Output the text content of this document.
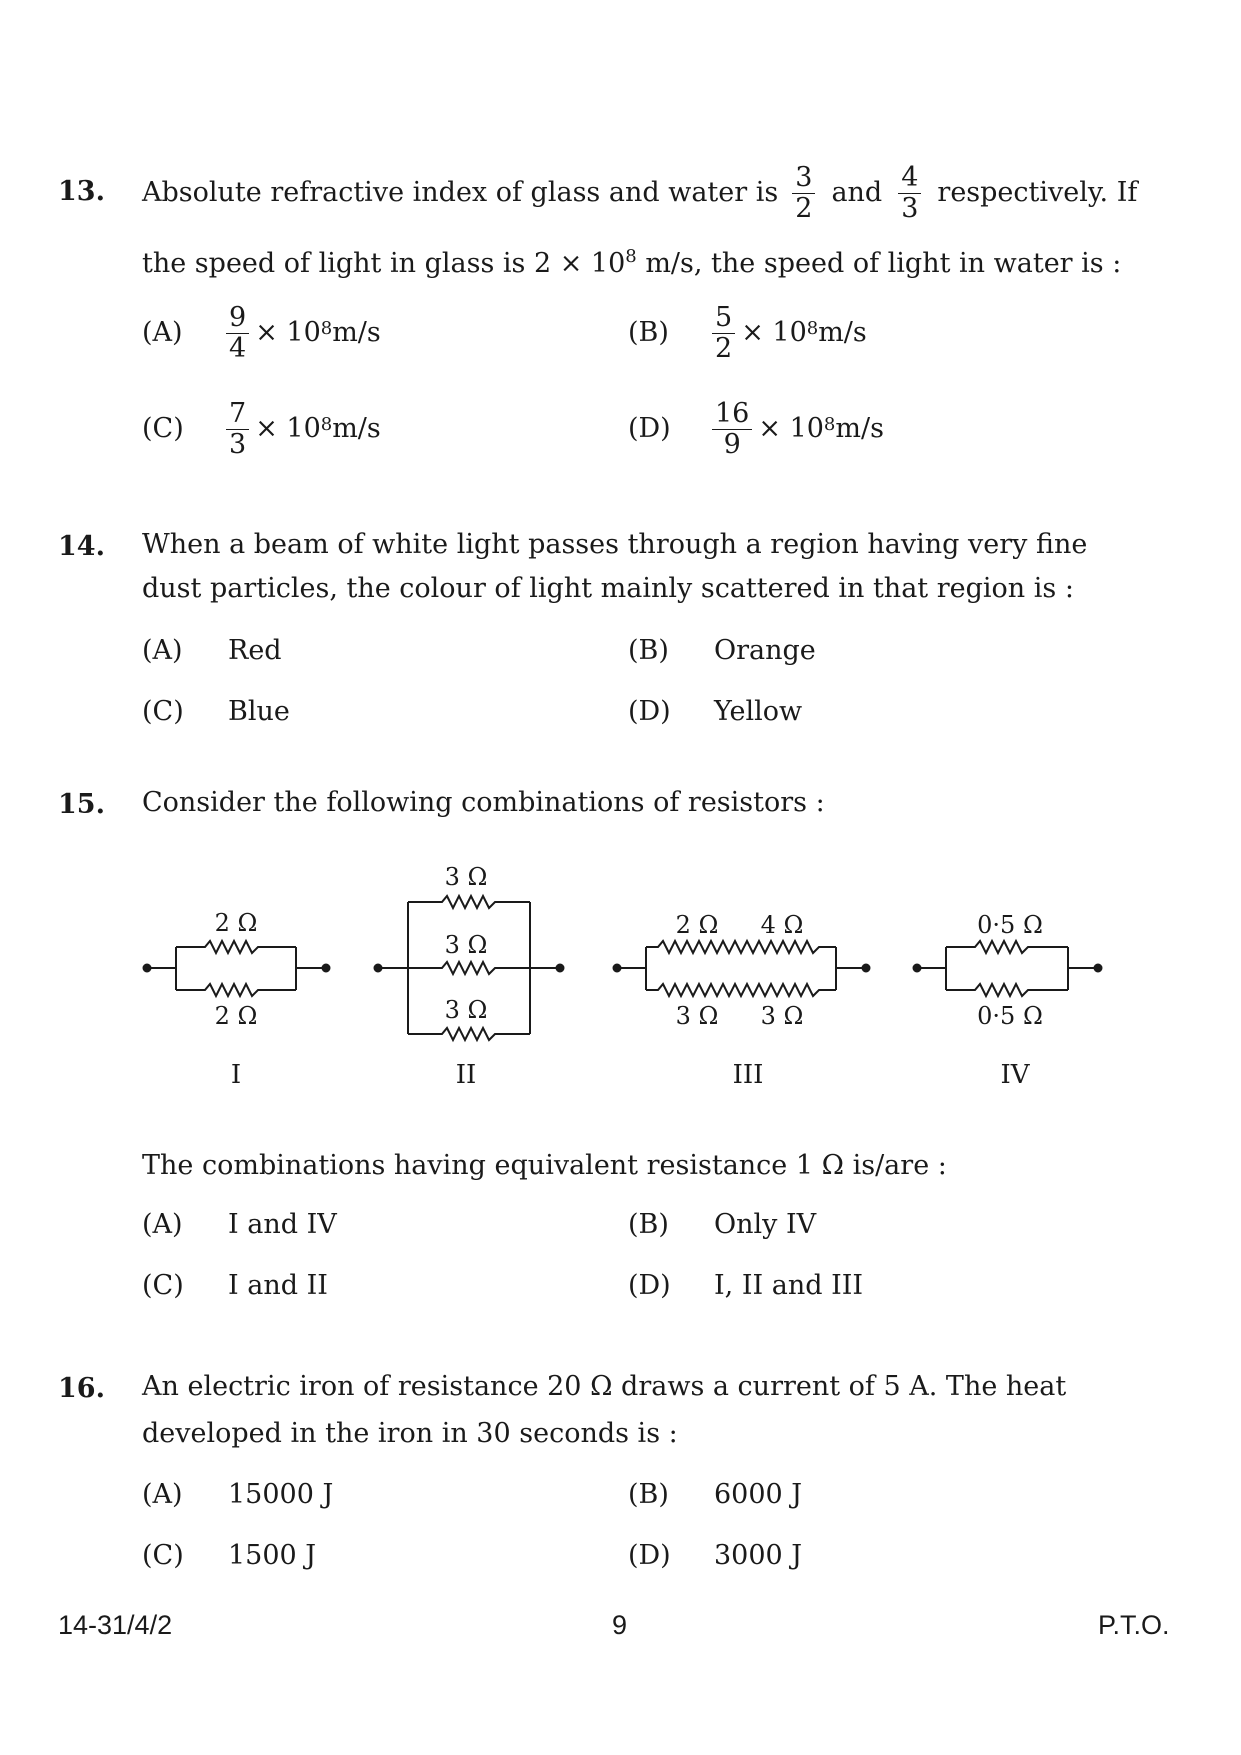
13. Absolute refractive index of glass and water is $\frac{3}{2}$ and $\frac{4}{3}$ respectively. If
the speed of light in glass is $2 \times 10^8$ m/s, the speed of light in water is :
$(A) \frac{9}{4} \times 10$ 8 m/s	$(B) \frac{5}{2} \times 10$ 8 m/s
$(C) \frac{7}{3} \times 10$ 8 m/s	$(D) \frac{16}{9} \times 10$ 8 m/s
14. When a beam of white light passes through a region having very fine
dust particles, the colour of light mainly scattered in that region is :
(A) Red	(B) Orange
(C) Blue	(D) Yellow
15. Consider the following combinations of resistors :
2 Ω
2 Ω
I
3 Ω
3 Ω
3 Ω
II
2 Ω 4 Ω
3 Ω 3 Ω
III
0·5 Ω
0·5 Ω
IV
The combinations having equivalent resistance 1 Ω is/are :
(A) I and IV	(B) Only IV
(C) I and II	(D) I, II and III
16. An electric iron of resistance 20 Ω draws a current of 5 A. The heat
developed in the iron in 30 seconds is :
(A) 15000 J	(B) 6000 J
(C) 1500 J	(D) 3000 J
14-31/4/2	9	P.T.O.
